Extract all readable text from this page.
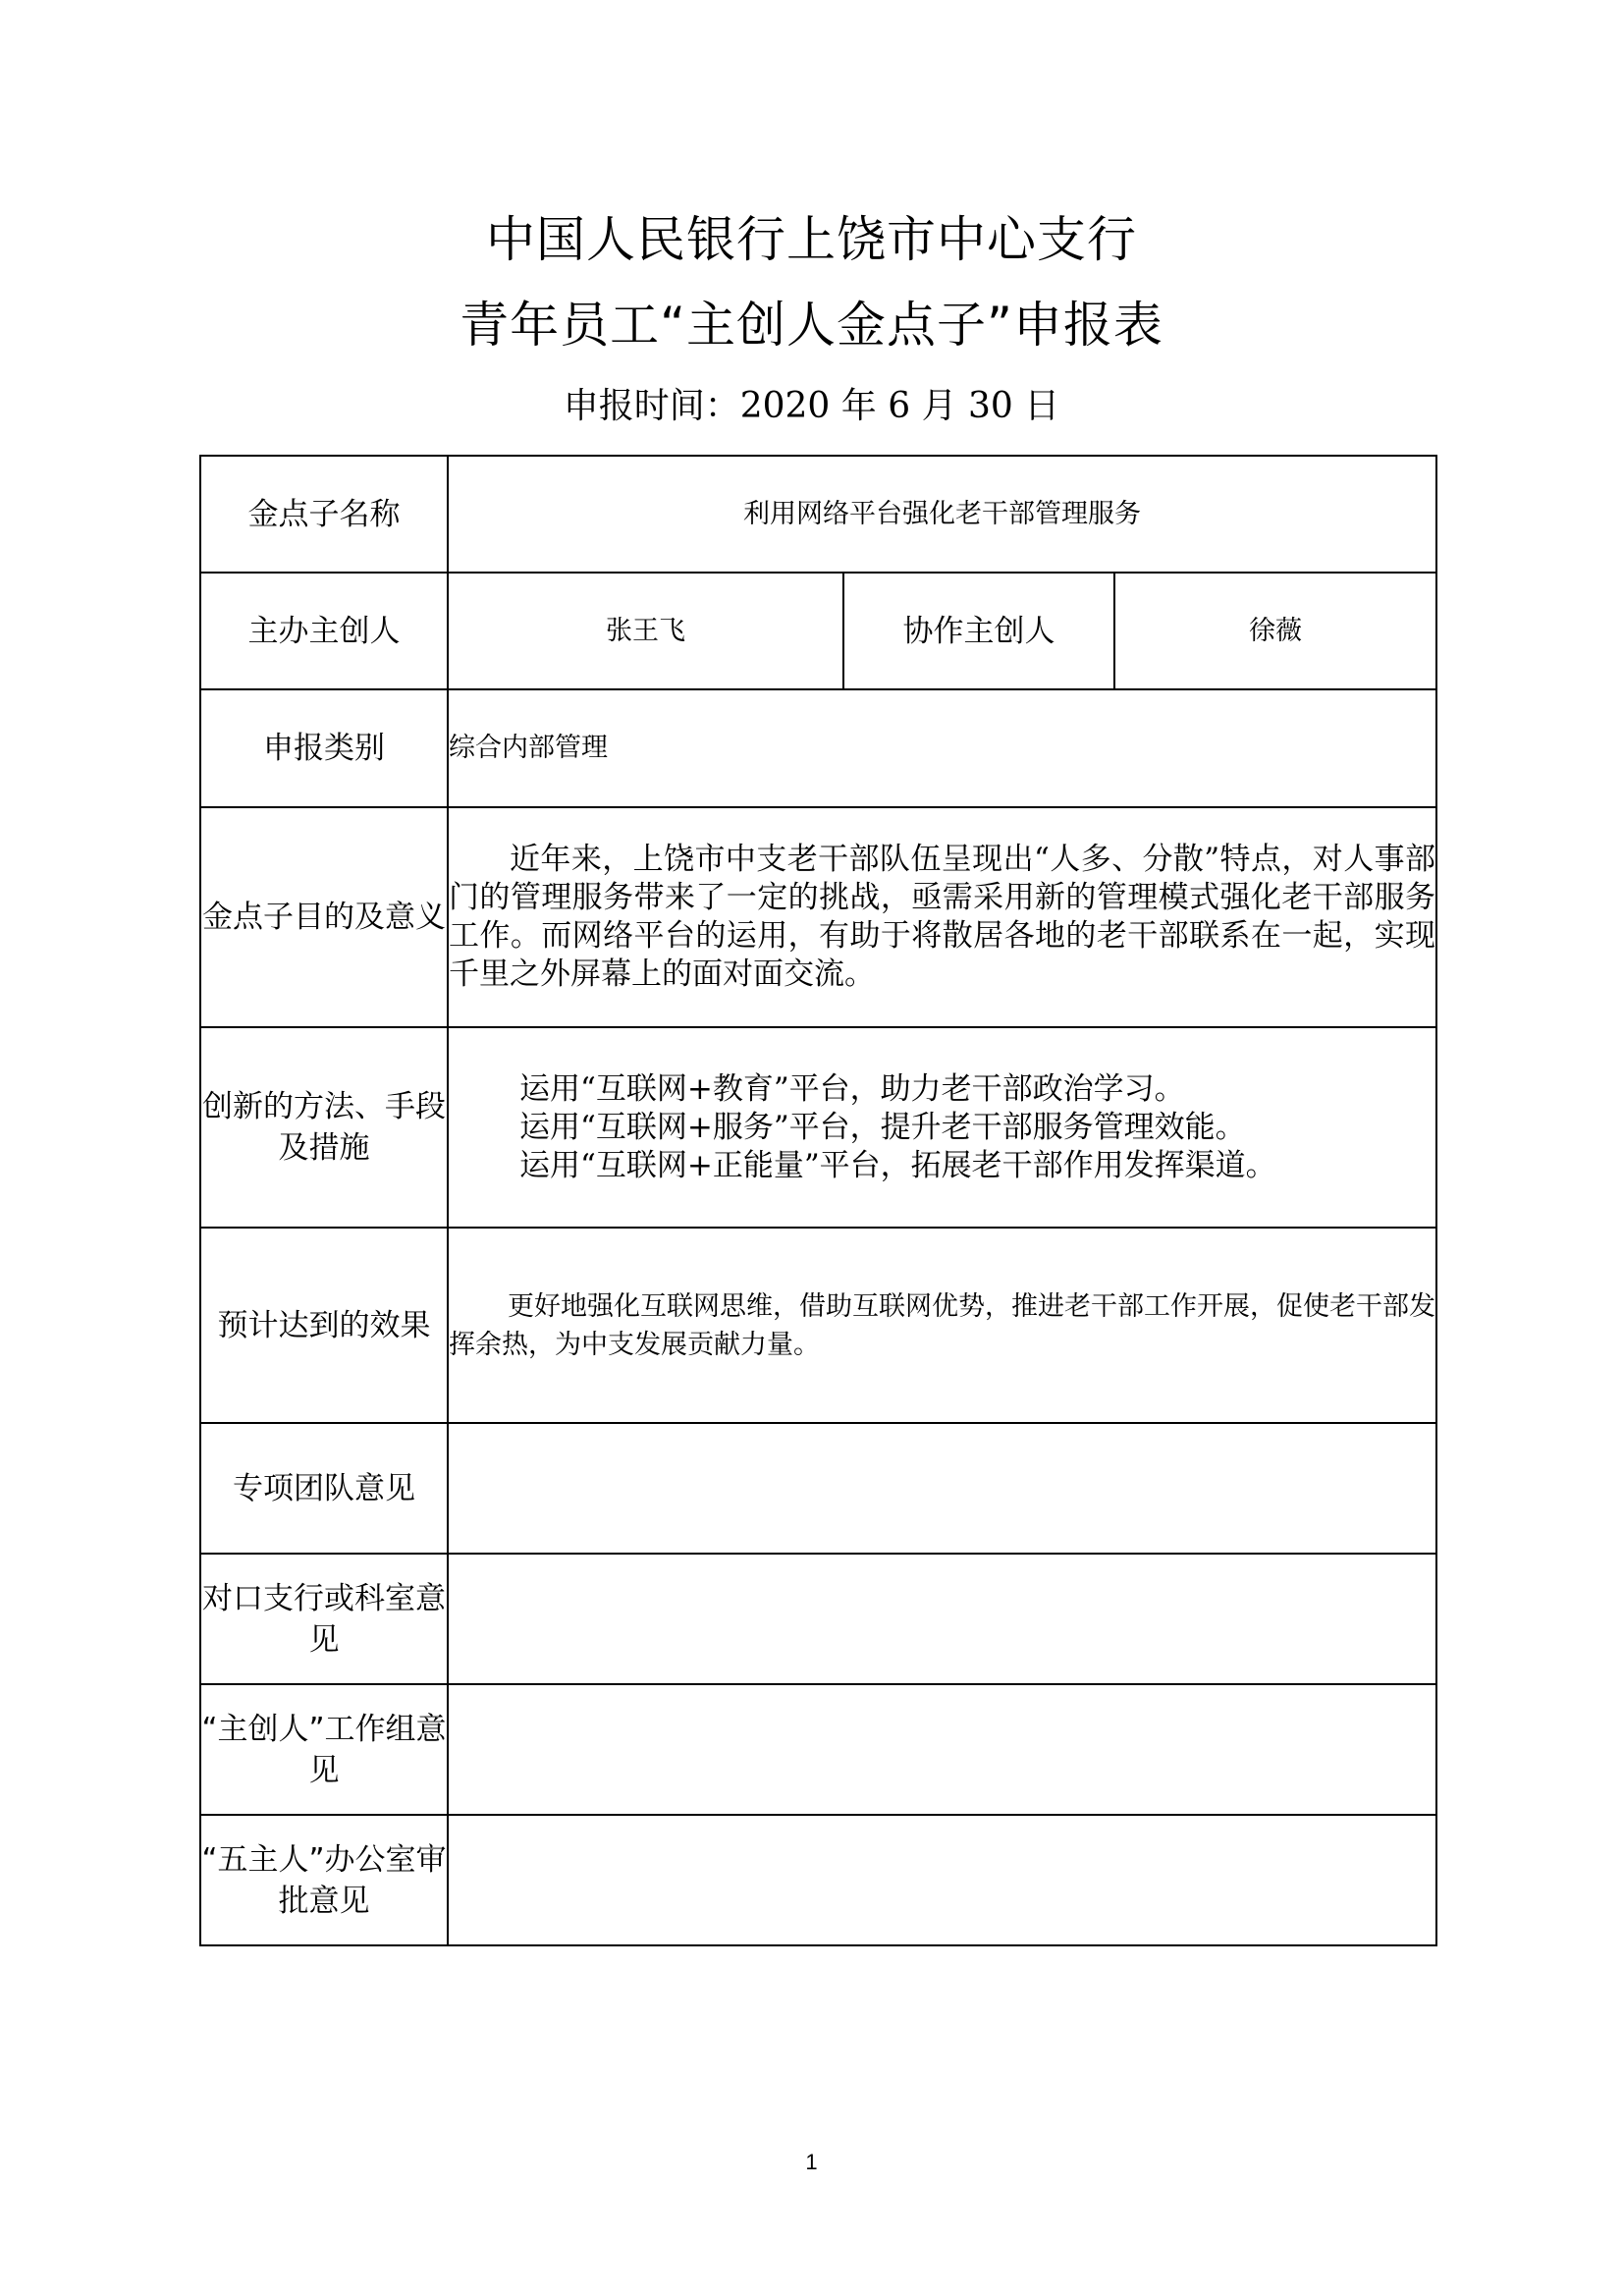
中国人民银行上饶市中心支行
青年员工“主创人金点子”申报表
申报时间：2020 年 6 月 30 日
金点子名称	利用网络平台强化老干部管理服务		
主办主创人	张王飞	协作主创人	徐薇
申报类别	综合内部管理		
金点子目的及意义	近年来，上饶市中支老干部队伍呈现出“人多、分散”特点，对人事部门的管理服务带来了一定的挑战，亟需采用新的管理模式强化老干部服务工作。而网络平台的运用，有助于将散居各地的老干部联系在一起，实现千里之外屏幕上的面对面交流。		

创新的方法、手段及措施	运用“互联网+教育”平台，助力老干部政治学习。
运用“互联网+服务”平台，提升老干部服务管理效能。
运用“互联网+正能量”平台，拓展老干部作用发挥渠道。		

预计达到的效果	更好地强化互联网思维，借助互联网优势，推进老干部工作开展，促使老干部发挥余热，为中支发展贡献力量。		

专项团队意见			
对口支行或科室意见			
“主创人”工作组意见			
“五主人”办公室审批意见			
1
